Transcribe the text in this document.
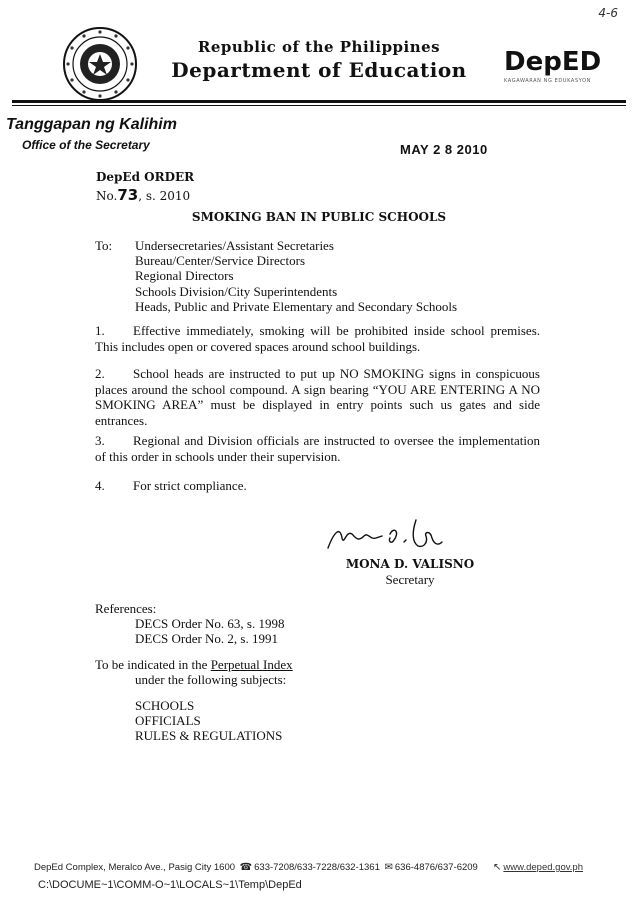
4-6
Republic of the Philippines
Department of Education	DepED
KAGAWARAN NG EDUKASYON
Tanggapan ng Kalihim
Office of the Secretary	MAY 2 8 2010
DepEd ORDER
No.73, s. 2010
SMOKING BAN IN PUBLIC SCHOOLS
To: Undersecretaries/Assistant Secretaries
Bureau/Center/Service Directors
Regional Directors
Schools Division/City Superintendents
Heads, Public and Private Elementary and Secondary Schools
1. Effective immediately, smoking will be prohibited inside school premises. This includes open or covered spaces around school buildings.
2. School heads are instructed to put up NO SMOKING signs in conspicuous places around the school compound. A sign bearing “YOU ARE ENTERING A NO SMOKING AREA” must be displayed in entry points such us gates and side entrances.
3. Regional and Division officials are instructed to oversee the implementation of this order in schools under their supervision.
4. For strict compliance.
MONA D. VALISNO
Secretary
References:
DECS Order No. 63, s. 1998
DECS Order No. 2, s. 1991
To be indicated in the Perpetual Index
under the following subjects:
SCHOOLS
OFFICIALS
RULES & REGULATIONS
DepEd Complex, Meralco Ave., Pasig City 1600 ☎ 633-7208/633-7228/632-1361 ✉ 636-4876/637-6209 ↖ www.deped.gov.ph
C:\DOCUME~1\COMM-O~1\LOCALS~1\Temp\DepEd
